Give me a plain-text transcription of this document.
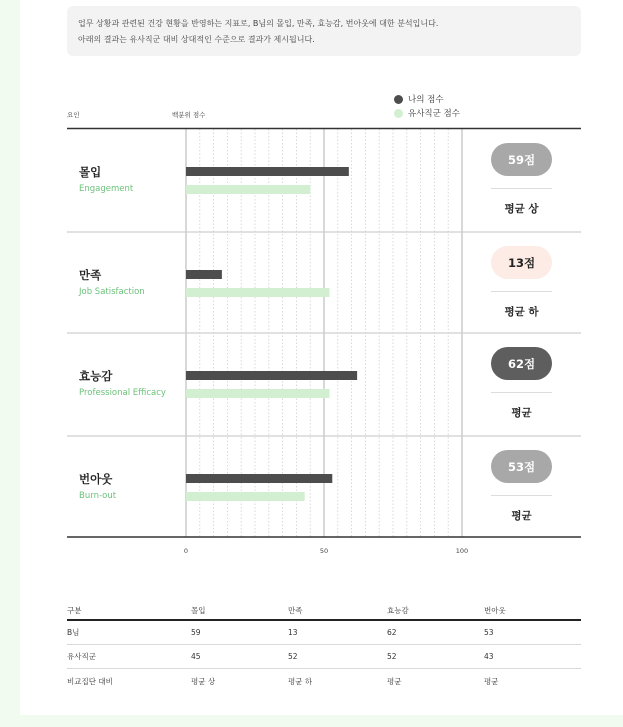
업무 상황과 관련된 건강 현황을 반영하는 지표로, B님의 몰입, 만족, 효능감, 번아웃에 대한 분석입니다.
아래의 결과는 유사직군 대비 상대적인 수준으로 결과가 제시됩니다.
나의 점수
유사직군 점수
요인	백분위 점수
몰입
Engagement
59점
평균 상
만족
Job Satisfaction
13점
평균 하
효능감
Professional Efficacy
62점
평균
번아웃
Burn-out
53점
평균
0	50	100
구분	몰입	만족	효능감	번아웃
B님	59	13	62	53
유사직군	45	52	52	43
비교집단 대비	평균 상	평균 하	평균	평균
